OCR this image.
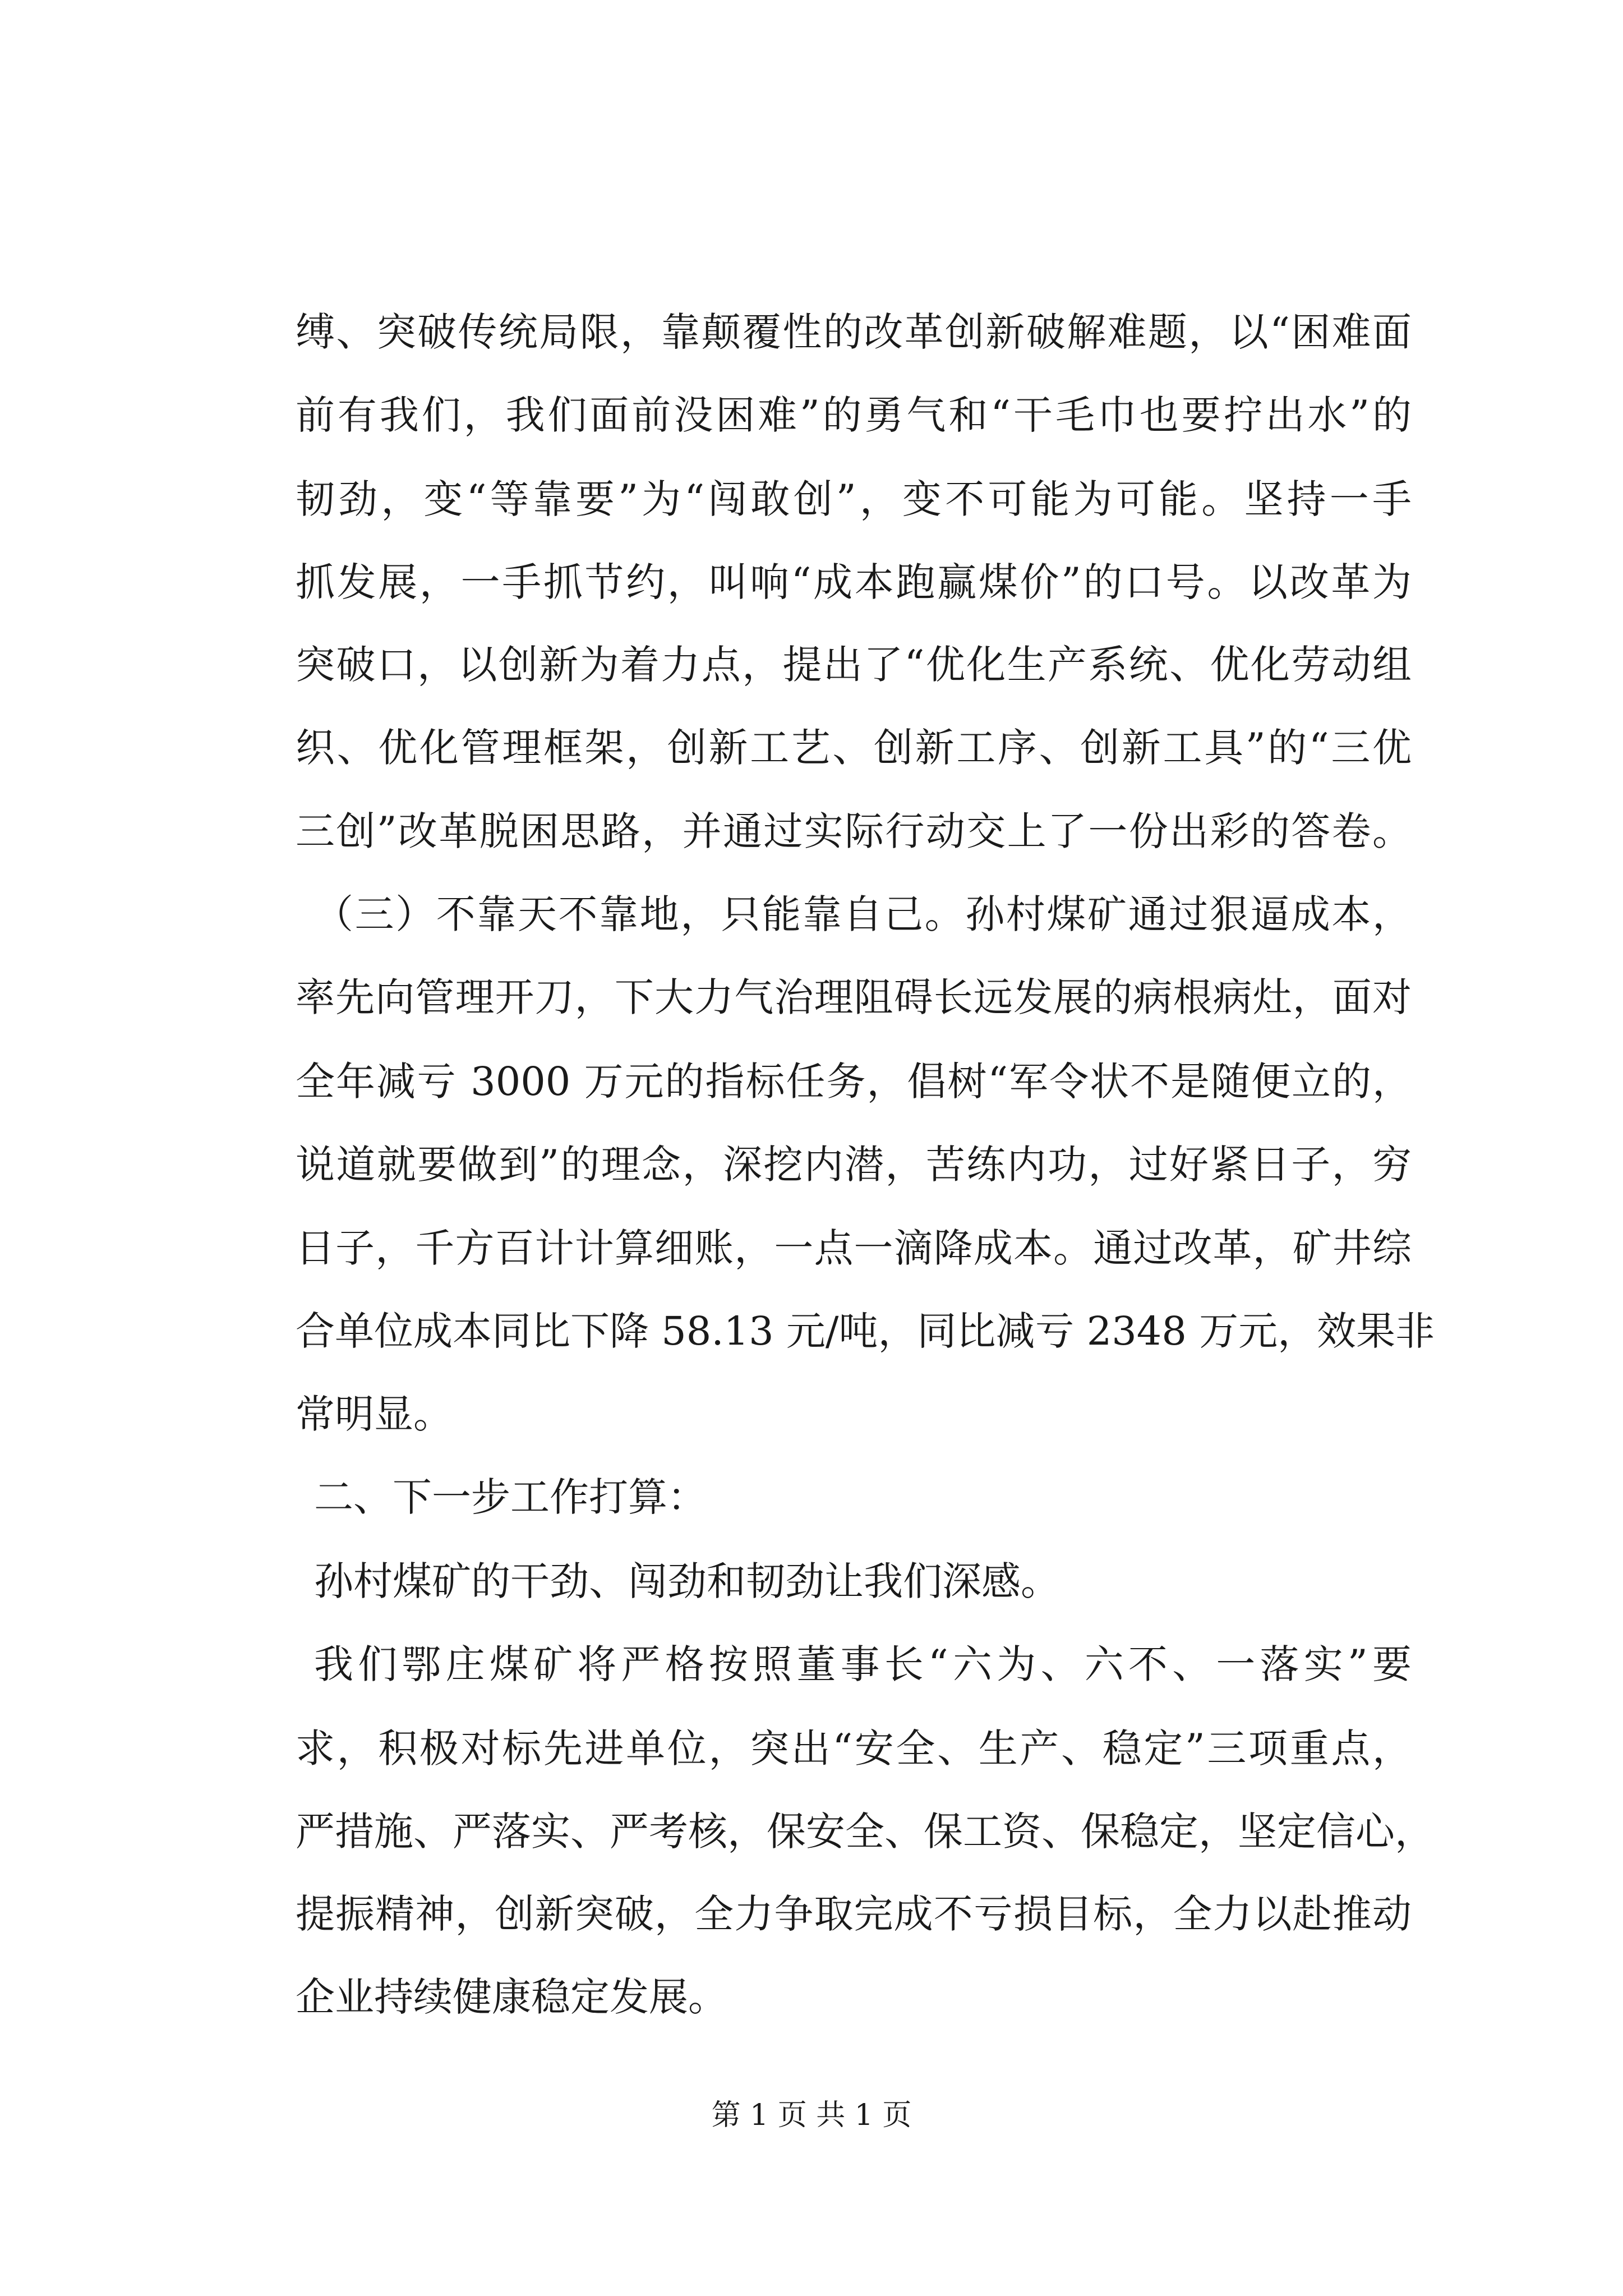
缚、突破传统局限，靠颠覆性的改革创新破解难题，以“困难面
前有我们，我们面前没困难”的勇气和“干毛巾也要拧出水”的
韧劲，变“等靠要”为“闯敢创”，变不可能为可能。坚持一手
抓发展，一手抓节约，叫响“成本跑赢煤价”的口号。以改革为
突破口，以创新为着力点，提出了“优化生产系统、优化劳动组
织、优化管理框架，创新工艺、创新工序、创新工具”的“三优
三创”改革脱困思路，并通过实际行动交上了一份出彩的答卷。
（三）不靠天不靠地，只能靠自己。孙村煤矿通过狠逼成本，
率先向管理开刀，下大力气治理阻碍长远发展的病根病灶，面对
全年减亏 3000 万元的指标任务，倡树“军令状不是随便立的，
说道就要做到”的理念，深挖内潜，苦练内功，过好紧日子，穷
日子，千方百计计算细账，一点一滴降成本。通过改革，矿井综
合单位成本同比下降 58.13 元/吨，同比减亏 2348 万元，效果非
常明显。
二、下一步工作打算：
孙村煤矿的干劲、闯劲和韧劲让我们深感。
我们鄂庄煤矿将严格按照董事长“六为、六不、一落实”要
求，积极对标先进单位，突出“安全、生产、稳定”三项重点，
严措施、严落实、严考核，保安全、保工资、保稳定，坚定信心，
提振精神，创新突破，全力争取完成不亏损目标，全力以赴推动
企业持续健康稳定发展。
第 1 页 共 1 页
